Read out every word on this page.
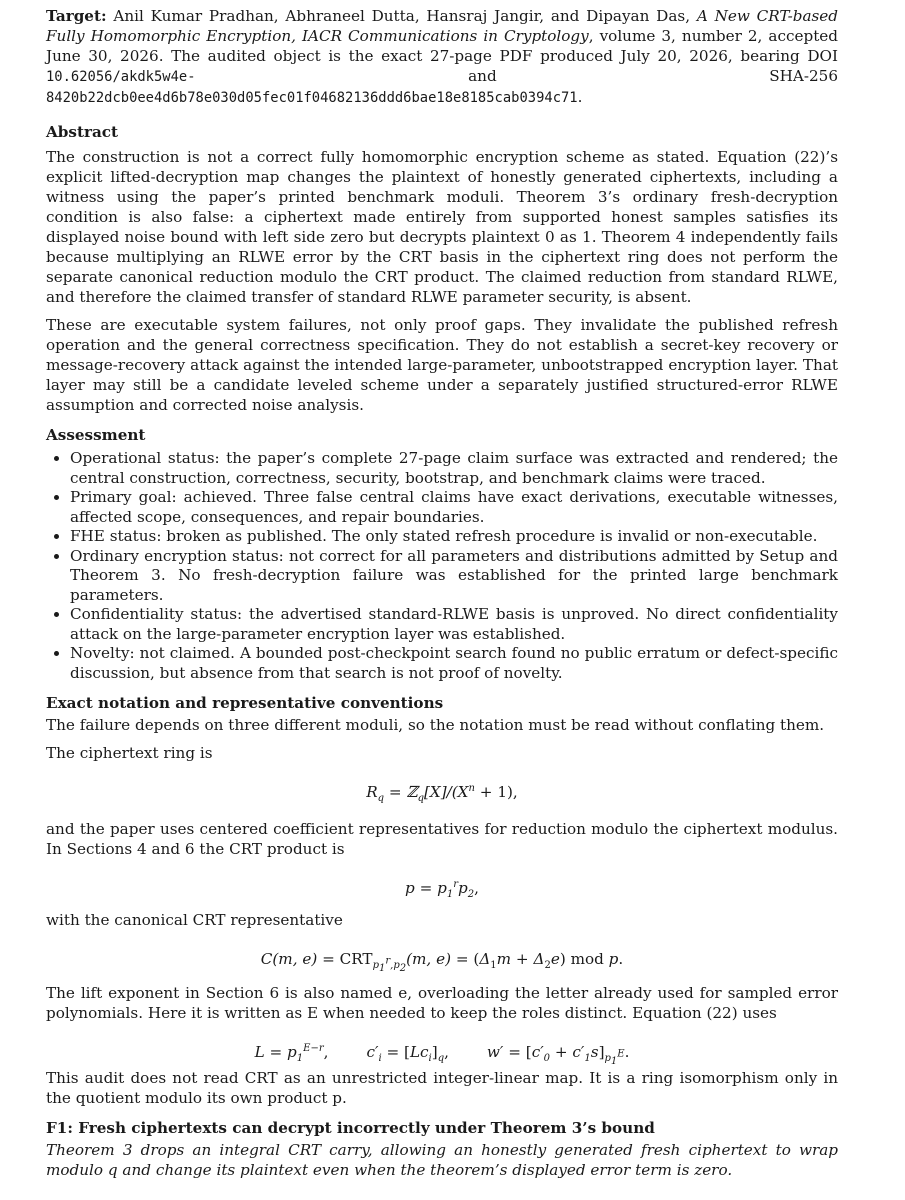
Target: Anil Kumar Pradhan, Abhraneel Dutta, Hansraj Jangir, and Dipayan Das, A New CRT-based Fully Homomorphic Encryption, IACR Communications in Cryptology, volume 3, number 2, accepted June 30, 2026. The audited object is the exact 27-page PDF produced July 20, 2026, bearing DOI 10.62056/akdk5w4e-	and SHA-256 8420b22dcb0ee4d6b78e030d05fec01f04682136ddd6bae18e8185cab0394c71.

Abstract

The construction is not a correct fully homomorphic encryption scheme as stated. Equation (22)’s explicit lifted-decryption map changes the plaintext of honestly generated ciphertexts, including a witness using the paper’s printed benchmark moduli. Theorem 3’s ordinary fresh-decryption condition is also false: a ciphertext made entirely from supported honest samples satisfies its displayed noise bound with left side zero but decrypts plaintext 0 as 1. Theorem 4 independently fails because multiplying an RLWE error by the CRT basis in the ciphertext ring does not perform the separate canonical reduction modulo the CRT product. The claimed reduction from standard RLWE, and therefore the claimed transfer of standard RLWE parameter security, is absent.

These are executable system failures, not only proof gaps. They invalidate the published refresh operation and the general correctness specification. They do not establish a secret-key recovery or message-recovery attack against the intended large-parameter, unbootstrapped encryption layer. That layer may still be a candidate leveled scheme under a separately justified structured-error RLWE assumption and corrected noise analysis.

Assessment
• Operational status: the paper’s complete 27-page claim surface was extracted and rendered; the central construction, correctness, security, bootstrap, and benchmark claims were traced.
• Primary goal: achieved. Three false central claims have exact derivations, executable witnesses, affected scope, consequences, and repair boundaries.
• FHE status: broken as published. The only stated refresh procedure is invalid or non-executable.
• Ordinary encryption status: not correct for all parameters and distributions admitted by Setup and Theorem 3. No fresh-decryption failure was established for the printed large benchmark parameters.
• Confidentiality status: the advertised standard-RLWE basis is unproved. No direct confidentiality attack on the large-parameter encryption layer was established.
• Novelty: not claimed. A bounded post-checkpoint search found no public erratum or defect-specific discussion, but absence from that search is not proof of novelty.
Exact notation and representative conventions

The failure depends on three different moduli, so the notation must be read without conflating them.

The ciphertext ring is

$R_q$ = $ℤ_q[X]/(X^n + 1)$,

and the paper uses centered coefficient representatives for reduction modulo the ciphertext modulus. In Sections 4 and 6 the CRT product is

$p = p_1^rp_2$,

with the canonical CRT representative

C(m, $e) = CRT_{p_1^r,p_2}(m$, $e) = (\Delta_1m + \Delta_2e)$ mod p.

The lift exponent in Section 6 is also named e, overloading the letter already used for sampled error polynomials. Here it is written as E when needed to keep the roles distinct. Equation (22) uses

$L = p_1^{E-r}$,	$c'_i = [Lc_i]_q$,	$w' = [c'_0 + c'_1s]_{p_1^E}$.

This audit does not read CRT as an unrestricted integer-linear map. It is a ring isomorphism only in the quotient modulo its own product p.

F1: Fresh ciphertexts can decrypt incorrectly under Theorem 3’s bound

Theorem 3 drops an integral CRT carry, allowing an honestly generated fresh ciphertext to wrap modulo q and change its plaintext even when the theorem’s displayed error term is zero.
